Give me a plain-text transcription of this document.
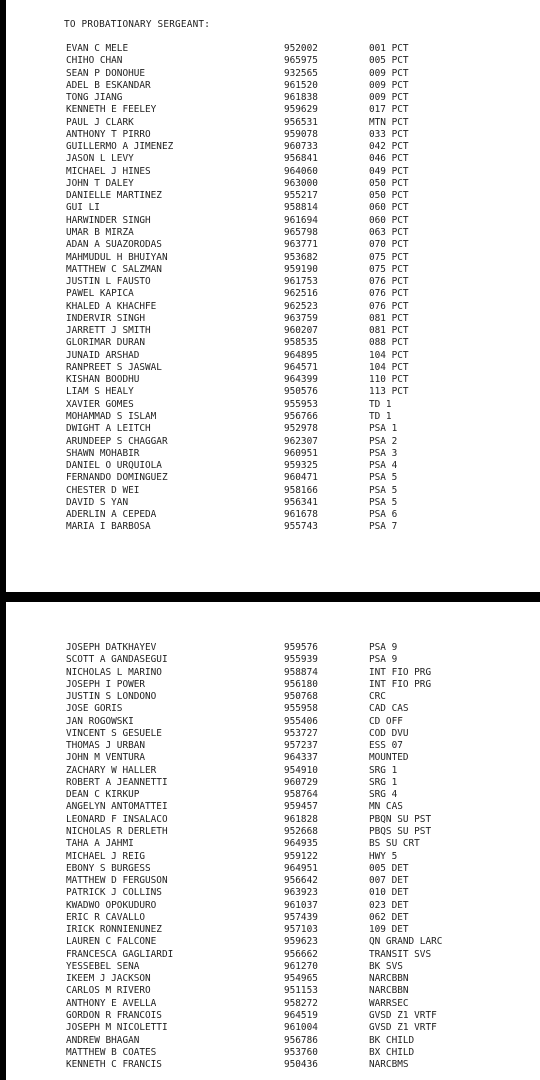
TO PROBATIONARY SERGEANT:
EVAN C MELE	952002	001 PCT
CHIHO CHAN	965975	005 PCT
SEAN P DONOHUE	932565	009 PCT
ADEL B ESKANDAR	961520	009 PCT
TONG JIANG	961838	009 PCT
KENNETH E FEELEY	959629	017 PCT
PAUL J CLARK	956531	MTN PCT
ANTHONY T PIRRO	959078	033 PCT
GUILLERMO A JIMENEZ	960733	042 PCT
JASON L LEVY	956841	046 PCT
MICHAEL J HINES	964060	049 PCT
JOHN T DALEY	963000	050 PCT
DANIELLE MARTINEZ	955217	050 PCT
GUI LI	958814	060 PCT
HARWINDER SINGH	961694	060 PCT
UMAR B MIRZA	965798	063 PCT
ADAN A SUAZORODAS	963771	070 PCT
MAHMUDUL H BHUIYAN	953682	075 PCT
MATTHEW C SALZMAN	959190	075 PCT
JUSTIN L FAUSTO	961753	076 PCT
PAWEL KAPICA	962516	076 PCT
KHALED A KHACHFE	962523	076 PCT
INDERVIR SINGH	963759	081 PCT
JARRETT J SMITH	960207	081 PCT
GLORIMAR DURAN	958535	088 PCT
JUNAID ARSHAD	964895	104 PCT
RANPREET S JASWAL	964571	104 PCT
KISHAN BOODHU	964399	110 PCT
LIAM S HEALY	950576	113 PCT
XAVIER GOMES	955953	TD 1
MOHAMMAD S ISLAM	956766	TD 1
DWIGHT A LEITCH	952978	PSA 1
ARUNDEEP S CHAGGAR	962307	PSA 2
SHAWN MOHABIR	960951	PSA 3
DANIEL O URQUIOLA	959325	PSA 4
FERNANDO DOMINGUEZ	960471	PSA 5
CHESTER D WEI	958166	PSA 5
DAVID S YAN	956341	PSA 5
ADERLIN A CEPEDA	961678	PSA 6
MARIA I BARBOSA	955743	PSA 7
JOSEPH DATKHAYEV	959576	PSA 9
SCOTT A GANDASEGUI	955939	PSA 9
NICHOLAS L MARINO	958874	INT FIO PRG
JOSEPH I POWER	956180	INT FIO PRG
JUSTIN S LONDONO	950768	CRC
JOSE GORIS	955958	CAD CAS
JAN ROGOWSKI	955406	CD OFF
VINCENT S GESUELE	953727	COD DVU
THOMAS J URBAN	957237	ESS 07
JOHN M VENTURA	964337	MOUNTED
ZACHARY W HALLER	954910	SRG 1
ROBERT A JEANNETTI	960729	SRG 1
DEAN C KIRKUP	958764	SRG 4
ANGELYN ANTOMATTEI	959457	MN CAS
LEONARD F INSALACO	961828	PBQN SU PST
NICHOLAS R DERLETH	952668	PBQS SU PST
TAHA A JAHMI	964935	BS SU CRT
MICHAEL J REIG	959122	HWY 5
EBONY S BURGESS	964951	005 DET
MATTHEW D FERGUSON	956642	007 DET
PATRICK J COLLINS	963923	010 DET
KWADWO OPOKUDURO	961037	023 DET
ERIC R CAVALLO	957439	062 DET
IRICK RONNIENUNEZ	957103	109 DET
LAUREN C FALCONE	959623	QN GRAND LARC
FRANCESCA GAGLIARDI	956662	TRANSIT SVS
YESSEBEL SENA	961270	BK SVS
IKEEM J JACKSON	954965	NARCBBN
CARLOS M RIVERO	951153	NARCBBN
ANTHONY E AVELLA	958272	WARRSEC
GORDON R FRANCOIS	964519	GVSD Z1 VRTF
JOSEPH M NICOLETTI	961004	GVSD Z1 VRTF
ANDREW BHAGAN	956786	BK CHILD
MATTHEW B COATES	953760	BX CHILD
KENNETH C FRANCIS	950436	NARCBMS
